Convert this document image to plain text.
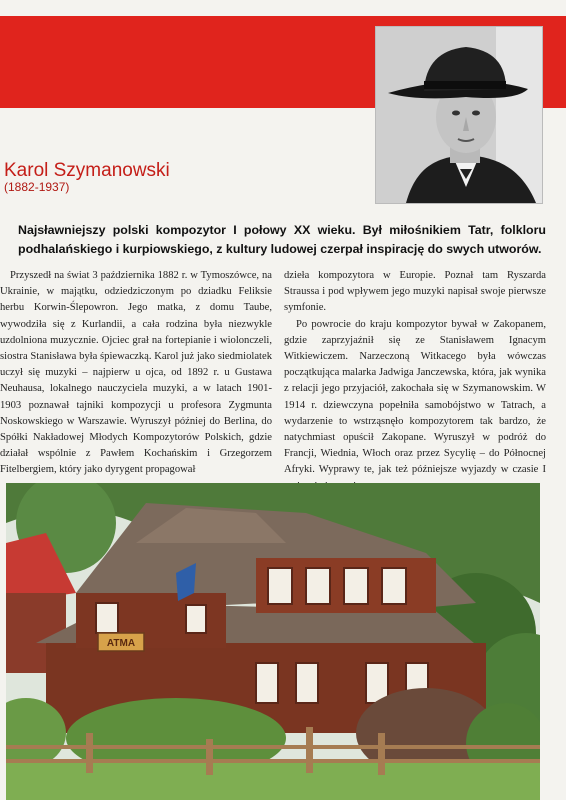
Karol Szymanowski
(1882-1937)

Najsławniejszy polski kompozytor I połowy XX wieku. Był miłośnikiem Tatr, folkloru podhalańskiego i kurpiowskiego, z kultury ludowej czerpał inspirację do swych utworów.

Przyszedł na świat 3 października 1882 r. w Tymoszówce, na Ukrainie, w majątku, odziedziczonym po dziadku Feliksie herbu Korwin-Ślepowron. Jego matka, z domu Taube, wywodziła się z Kurlandii, a cała rodzina była niezwykle uzdolniona muzycznie. Ojciec grał na fortepianie i wiolonczeli, siostra Stanisława była śpiewaczką. Karol już jako siedmiolatek uczył się muzyki – najpierw u ojca, od 1892 r. u Gustawa Neuhausa, lokalnego nauczyciela muzyki, a w latach 1901-1903 poznawał tajniki kompozycji u profesora Zygmunta Noskowskiego w Warszawie. Wyruszył później do Berlina, do Spółki Nakładowej Młodych Kompozytorów Polskich, gdzie działał wspólnie z Pawłem Kochańskim i Grzegorzem Fitelbergiem, który jako dyrygent propagował

dzieła kompozytora w Europie. Poznał tam Ryszarda Straussa i pod wpływem jego muzyki napisał swoje pierwsze symfonie.

Po powrocie do kraju kompozytor bywał w Zakopanem, gdzie zaprzyjaźnił się ze Stanisławem Ignacym Witkiewiczem. Narzeczoną Witkacego była wówczas początkująca malarka Jadwiga Janczewska, która, jak wynika z relacji jego przyjaciół, zakochała się w Szymanowskim. W 1914 r. dziewczyna popełniła samobójstwo w Tatrach, a wydarzenie to wstrząsnęło kompozytorem tak bardzo, że natychmiast opuścił Zakopane. Wyruszył w podróż do Francji, Wiednia, Włoch oraz przez Sycylię – do Północnej Afryki. Wyprawy te, jak też późniejsze wyjazdy w czasie I

ATMA
